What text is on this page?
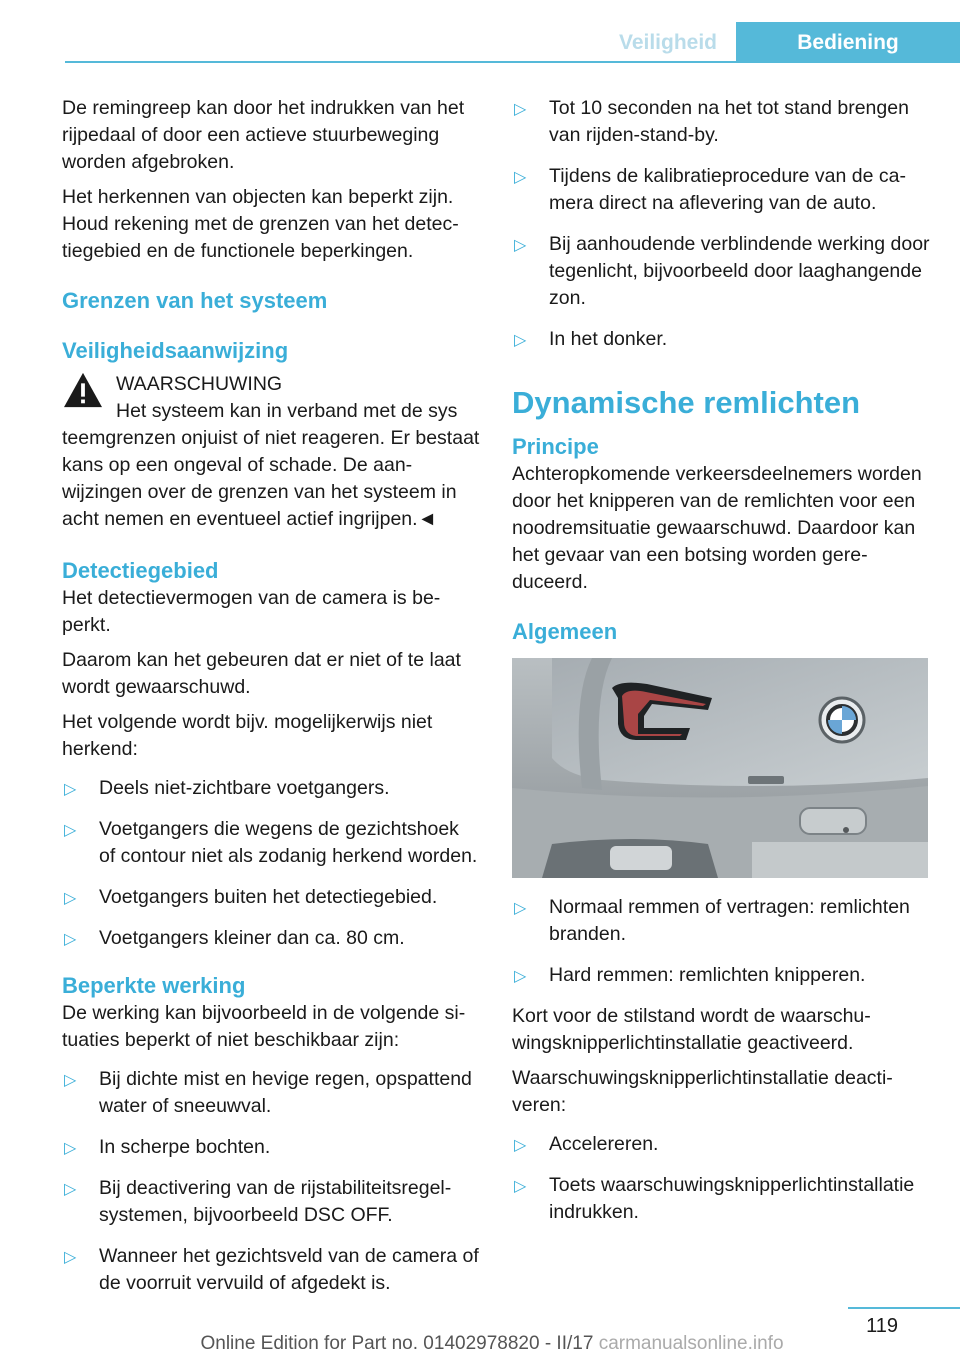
Veiligheid	Bediening

De remingreep kan door het indrukken van het rijpedaal of door een actieve stuurbeweging worden afgebroken.

Het herkennen van objecten kan beperkt zijn. Houd rekening met de grenzen van het detectiegebied en de functionele beperkingen.

Grenzen van het systeem
Veiligheidsaanwijzing
WAARSCHUWING
Het systeem kan in verband met de sys

teemgrenzen onjuist of niet reageren. Er bestaat kans op een ongeval of schade. De aanwijzingen over de grenzen van het systeem in acht nemen en eventueel actief ingrijpen.◄

Detectiegebied

Het detectievermogen van de camera is beperkt.

Daarom kan het gebeuren dat er niet of te laat wordt gewaarschuwd.

Het volgende wordt bijv. mogelijkerwijs niet herkend:

▷ Deels niet-zichtbare voetgangers.
▷ Voetgangers die wegens de gezichtshoek of contour niet als zodanig herkend worden.
▷ Voetgangers buiten het detectiegebied.
▷ Voetgangers kleiner dan ca. 80 cm.
Beperkte werking

De werking kan bijvoorbeeld in de volgende situaties beperkt of niet beschikbaar zijn:

▷ Bij dichte mist en hevige regen, opspattend water of sneeuwval.
▷ In scherpe bochten.
▷ Bij deactivering van de rijstabiliteitsregelsystemen, bijvoorbeeld DSC OFF.
▷ Wanneer het gezichtsveld van de camera of de voorruit vervuild of afgedekt is.
▷ Tot 10 seconden na het tot stand brengen van rijden-stand-by.
▷ Tijdens de kalibratieprocedure van de camera direct na aflevering van de auto.
▷ Bij aanhoudende verblindende werking door tegenlicht, bijvoorbeeld door laaghangende zon.
▷ In het donker.
Dynamische remlichten
Principe

Achteropkomende verkeersdeelnemers worden door het knipperen van de remlichten voor een noodremsituatie gewaarschuwd. Daardoor kan het gevaar van een botsing worden gereduceerd.

Algemeen
▷ Normaal remmen of vertragen: remlichten branden.
▷ Hard remmen: remlichten knipperen.

Kort voor de stilstand wordt de waarschuwingsknipperlichtinstallatie geactiveerd.

Waarschuwingsknipperlichtinstallatie deactiveren:

▷ Accelereren.
▷ Toets waarschuwingsknipperlichtinstallatie indrukken.
119
Online Edition for Part no. 01402978820 - II/17 carmanualsonline.info
